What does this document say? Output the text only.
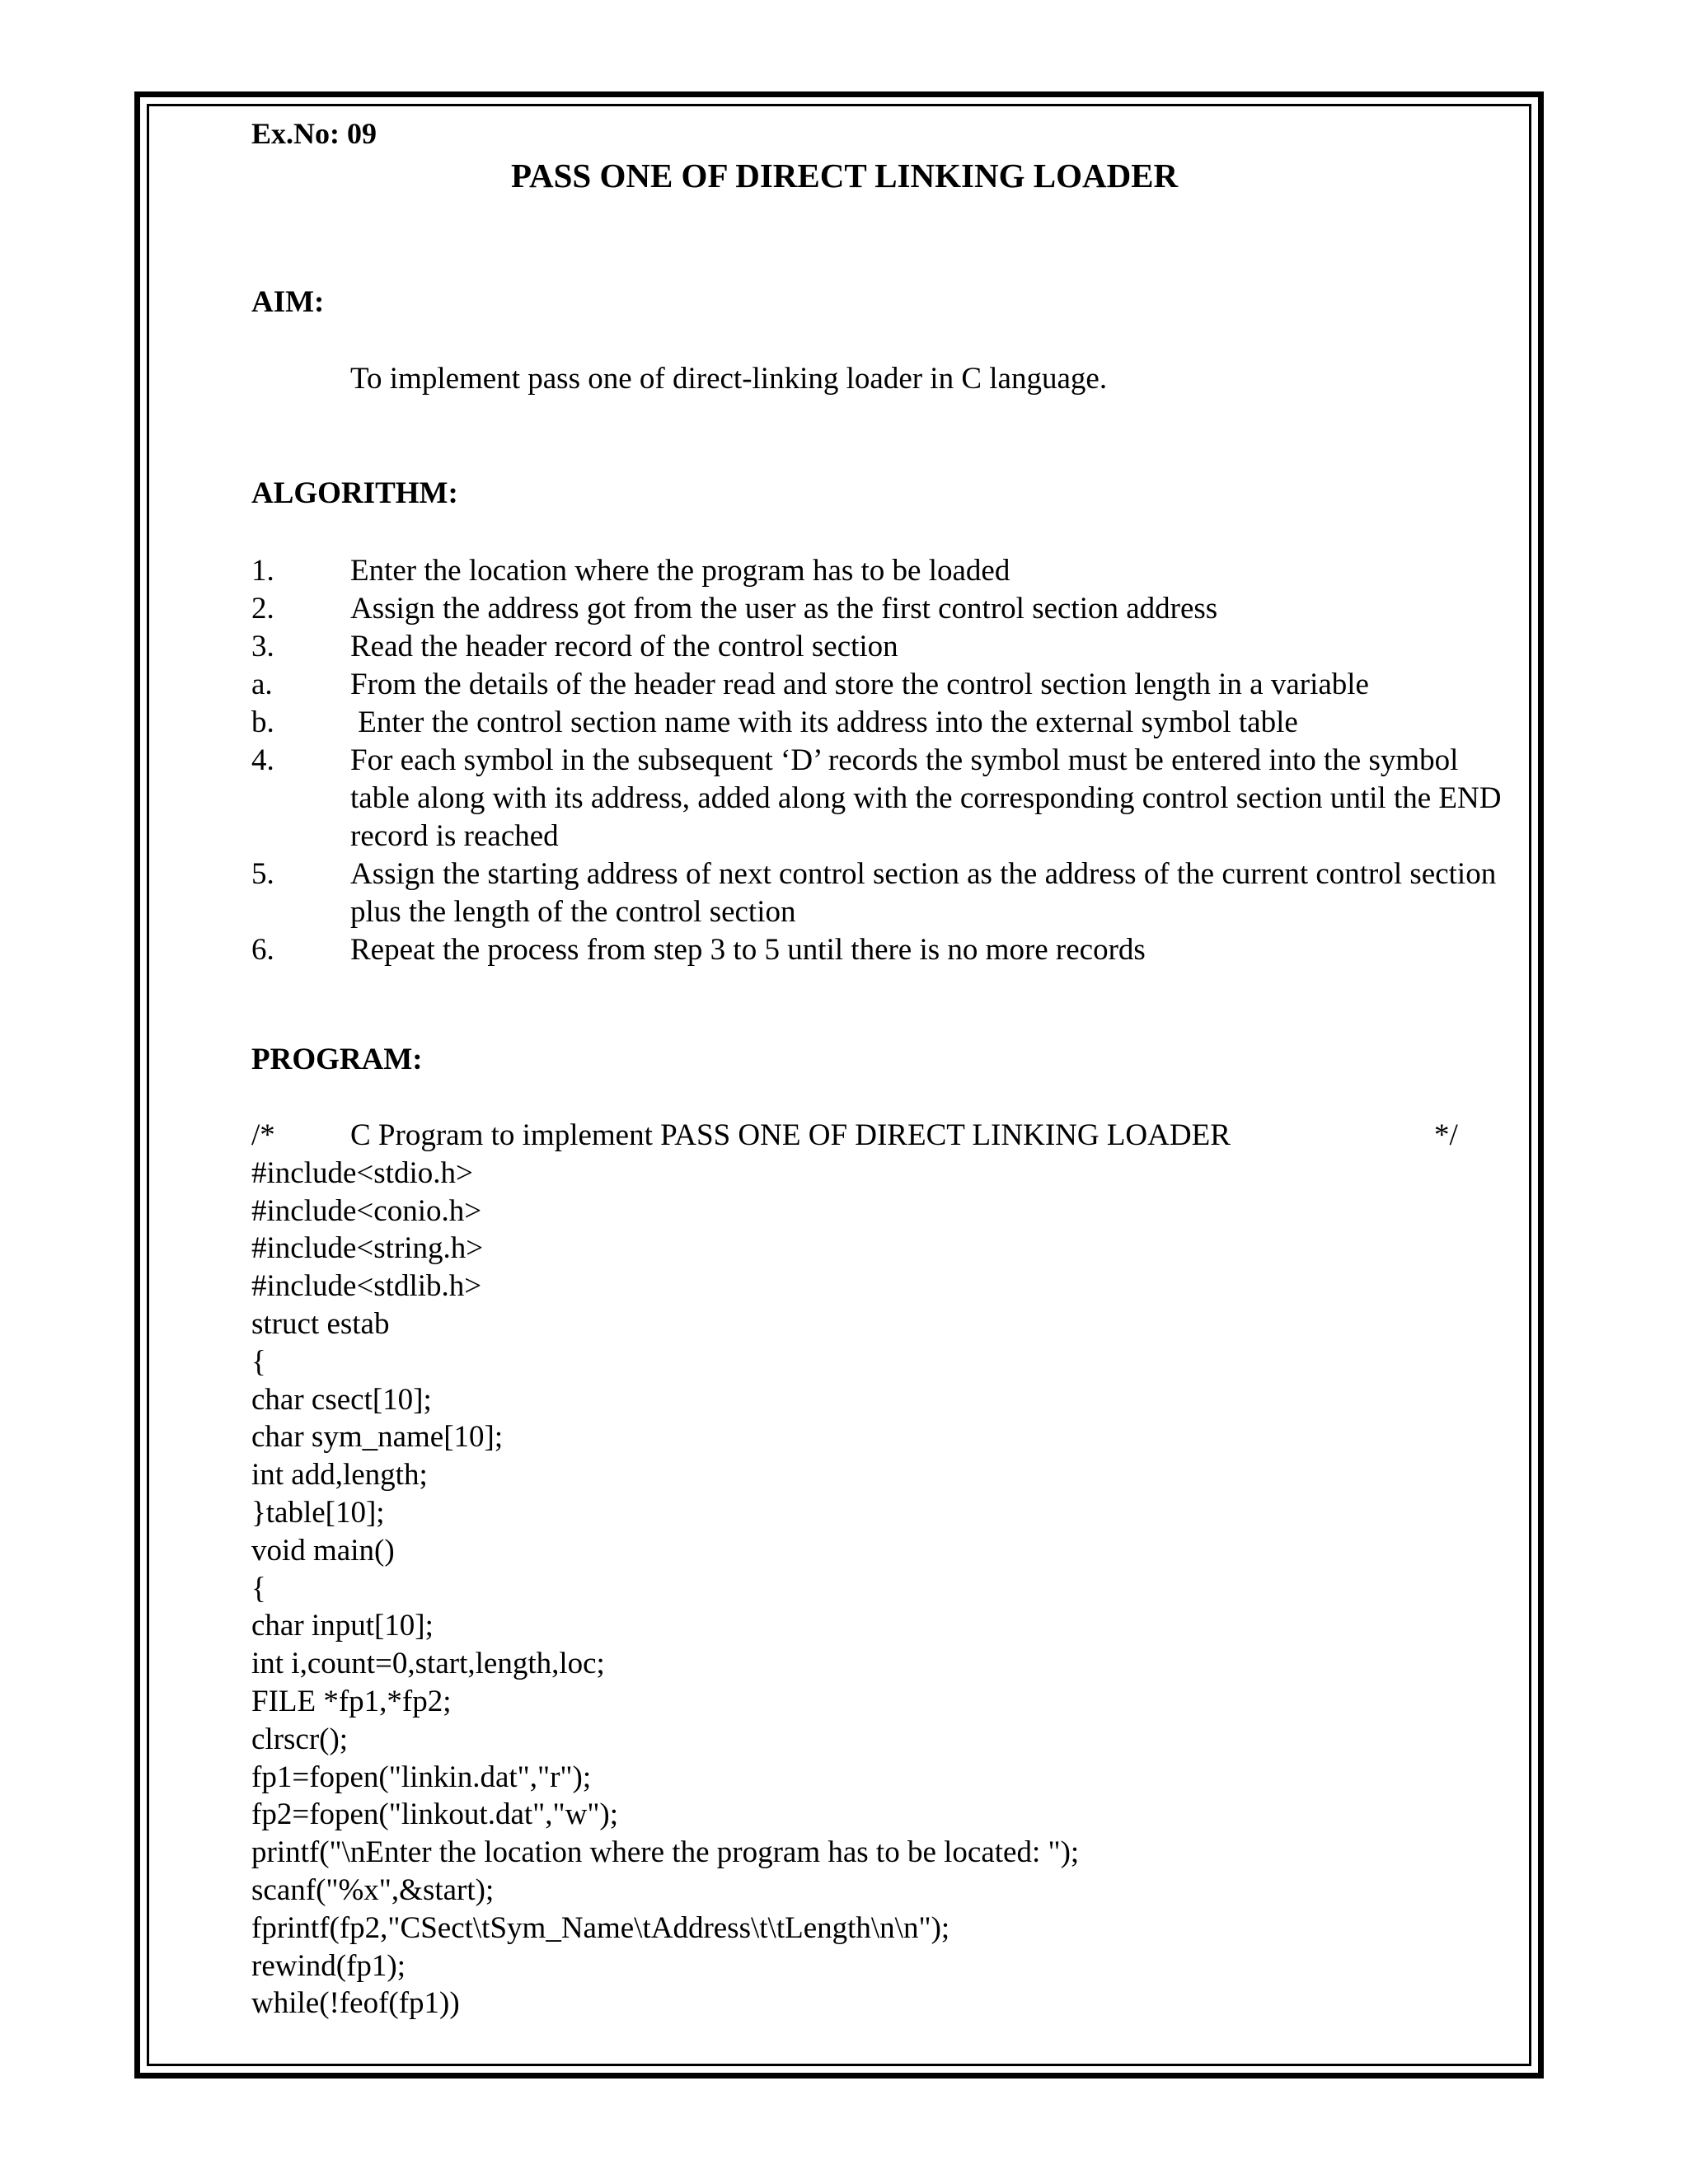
Ex.No: 09
PASS ONE OF DIRECT LINKING LOADER
AIM:
To implement pass one of direct-linking loader in C language.
ALGORITHM:
1.	Enter the location where the program has to be loaded
2.	Assign the address got from the user as the first control section address
3.	Read the header record of the control section
a.	From the details of the header read and store the control section length in a variable
b.	Enter the control section name with its address into the external symbol table
4.	For each symbol in the subsequent ‘D’ records the symbol must be entered into the symbol table along with its address, added along with the corresponding control section until the END record is reached
5.	Assign the starting address of next control section as the address of the current control section plus the length of the control section
6.	Repeat the process from step 3 to 5 until there is no more records
PROGRAM:
/* C Program to implement PASS ONE OF DIRECT LINKING LOADER	*/
#include<stdio.h>
#include<conio.h>
#include<string.h>
#include<stdlib.h>
struct estab
{
char csect[10];
char sym_name[10];
int add,length;
}table[10];
void main()
{
char input[10];
int i,count=0,start,length,loc;
FILE *fp1,*fp2;
clrscr();
fp1=fopen("linkin.dat","r");
fp2=fopen("linkout.dat","w");
printf("\nEnter the location where the program has to be located: ");
scanf("%x",&start);
fprintf(fp2,"CSect\tSym_Name\tAddress\t\tLength\n\n");
rewind(fp1);
while(!feof(fp1))
